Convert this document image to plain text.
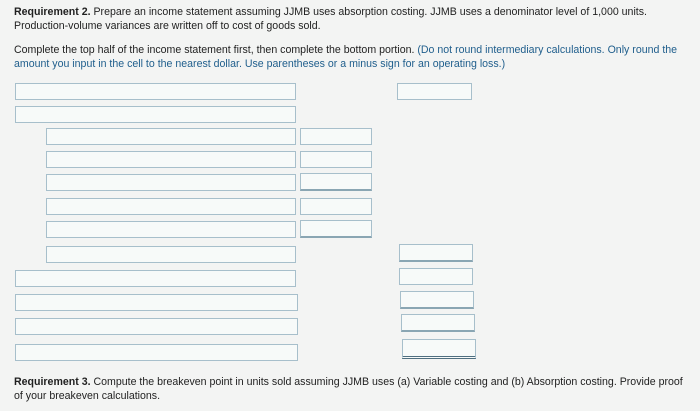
Requirement 2. Prepare an income statement assuming JJMB uses absorption costing. JJMB uses a denominator level of 1,000 units. Production-volume variances are written off to cost of goods sold.
Complete the top half of the income statement first, then complete the bottom portion. (Do not round intermediary calculations. Only round the amount you input in the cell to the nearest dollar. Use parentheses or a minus sign for an operating loss.)
Requirement 3. Compute the breakeven point in units sold assuming JJMB uses (a) Variable costing and (b) Absorption costing. Provide proof of your breakeven calculations.
